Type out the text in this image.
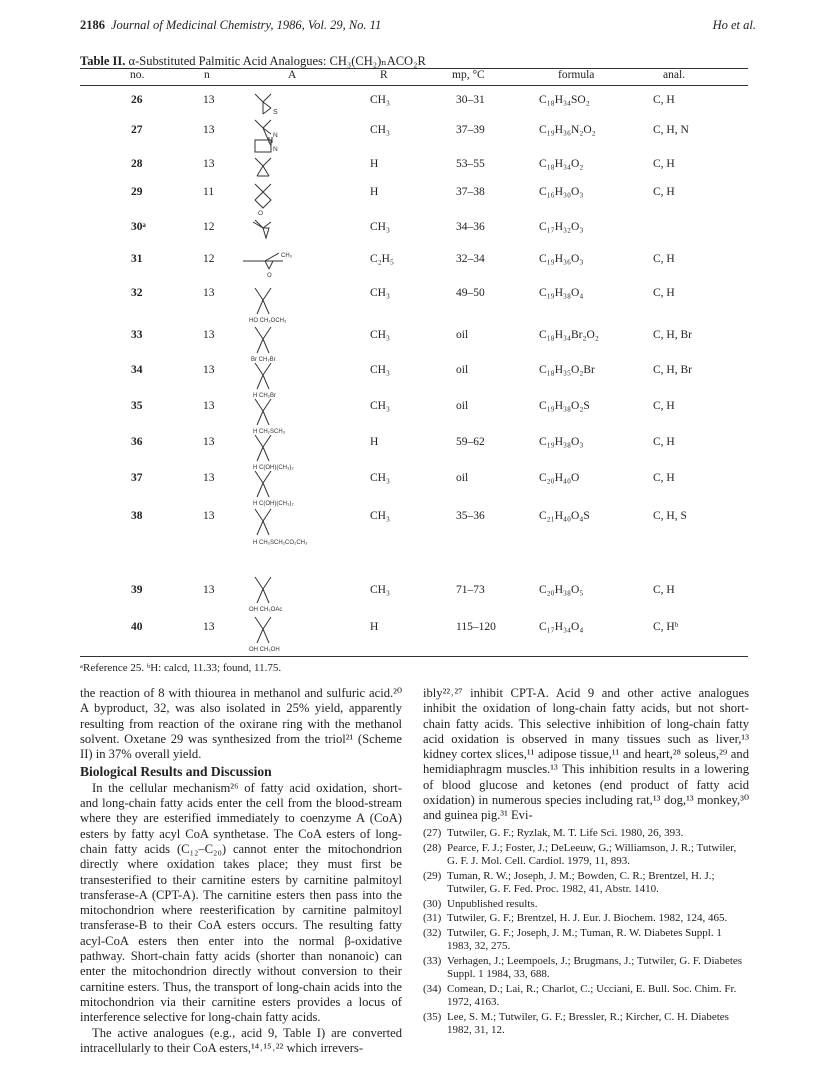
2186 Journal of Medicinal Chemistry, 1986, Vol. 29, No. 11	Ho et al.
Table II. α-Substituted Palmitic Acid Analogues: CH₃(CH₂)ₙACO₂R
no.	n	A	R	mp, °C	formula	anal.
26	13	CH₃	30–31	C₁₈H₃₄SO₂	C, H
27	13	CH₃	37–39	C₁₉H₃₆N₂O₂	C, H, N
28	13	H	53–55	C₁₈H₃₄O₂	C, H
29	11	H	37–38	C₁₆H₃₀O₃	C, H
30ᵃ	12	CH₃	34–36	C₁₇H₃₂O₃
31	12	C₂H₅	32–34	C₁₉H₃₆O₃	C, H
32	13	CH₃	49–50	C₁₉H₃₈O₄	C, H
33	13	CH₃	oil	C₁₈H₃₄Br₂O₂	C, H, Br
34	13	CH₃	oil	C₁₈H₃₅O₂Br	C, H, Br
35	13	CH₃	oil	C₁₉H₃₈O₂S	C, H
36	13	H	59–62	C₁₉H₃₈O₃	C, H
37	13	CH₃	oil	C₂₀H₄₀O	C, H
38	13	CH₃	35–36	C₂₁H₄₀O₄S	C, H, S
39	13	CH₃	71–73	C₂₀H₃₈O₅	C, H
40	13	H	115–120	C₁₇H₃₄O₄	C, Hᵇ
S
N
N
O
CH₃
O
HO CH₂OCH₃
Br CH₂Br
H CH₂Br
H CH₂SCH₃
H C(OH)(CH₃)₂
H C(OH)(CH₃)₂
H CH₂SCH₂CO₂CH₃
OH CH₂OAc
OH CH₂OH
ᵃReference 25. ᵇH: calcd, 11.33; found, 11.75.

the reaction of 8 with thiourea in methanol and sulfuric acid.²⁰ A byproduct, 32, was also isolated in 25% yield, apparently resulting from reaction of the oxirane ring with the methanol solvent. Oxetane 29 was synthesized from the triol²¹ (Scheme II) in 37% overall yield.

Biological Results and Discussion

In the cellular mechanism²⁶ of fatty acid oxidation, short- and long-chain fatty acids enter the cell from the blood-stream where they are esterified immediately to coenzyme A (CoA) esters by fatty acyl CoA synthetase. The CoA esters of long-chain fatty acids (C₁₂–C₂₀) cannot enter the mitochondrion directly where oxidation takes place; they must first be transesterified to their carnitine esters by carnitine palmitoyl transferase-A (CPT-A). The carnitine esters then pass into the mitochondrion where reesterification by carnitine palmitoyl transferase-B to their CoA esters occurs. The resulting fatty acyl-CoA esters then enter into the normal β-oxidative pathway. Short-chain fatty acids (shorter than nonanoic) can enter the mitochondrion directly without conversion to their carnitine esters. Thus, the transport of long-chain acids into the mitochondrion via their carnitine esters provides a locus of interference selective for long-chain fatty acids.

The active analogues (e.g., acid 9, Table I) are converted intracellularly to their CoA esters,¹⁴˒¹⁵˒²² which irrevers-

ibly²²˒²⁷ inhibit CPT-A. Acid 9 and other active analogues inhibit the oxidation of long-chain fatty acids, but not short-chain fatty acids. This selective inhibition of long-chain fatty acid oxidation is observed in many tissues such as liver,¹³ kidney cortex slices,¹¹ adipose tissue,¹¹ and heart,²⁸ soleus,²⁹ and hemidiaphragm muscles.¹³ This inhibition results in a lowering of blood glucose and ketones (end product of fatty acid oxidation) in numerous species including rat,¹³ dog,¹³ monkey,³⁰ and guinea pig.³¹ Evi-

(27) Tutwiler, G. F.; Ryzlak, M. T. Life Sci. 1980, 26, 393.
(28) Pearce, F. J.; Foster, J.; DeLeeuw, G.; Williamson, J. R.; Tutwiler, G. F. J. Mol. Cell. Cardiol. 1979, 11, 893.
(29) Tuman, R. W.; Joseph, J. M.; Bowden, C. R.; Brentzel, H. J.; Tutwiler, G. F. Fed. Proc. 1982, 41, Abstr. 1410.
(30) Unpublished results.
(31) Tutwiler, G. F.; Brentzel, H. J. Eur. J. Biochem. 1982, 124, 465.
(32) Tutwiler, G. F.; Joseph, J. M.; Tuman, R. W. Diabetes Suppl. 1 1983, 32, 275.
(33) Verhagen, J.; Leempoels, J.; Brugmans, J.; Tutwiler, G. F. Diabetes Suppl. 1 1984, 33, 688.
(34) Comean, D.; Lai, R.; Charlot, C.; Ucciani, E. Bull. Soc. Chim. Fr. 1972, 4163.
(35) Lee, S. M.; Tutwiler, G. F.; Bressler, R.; Kircher, C. H. Diabetes 1982, 31, 12.
